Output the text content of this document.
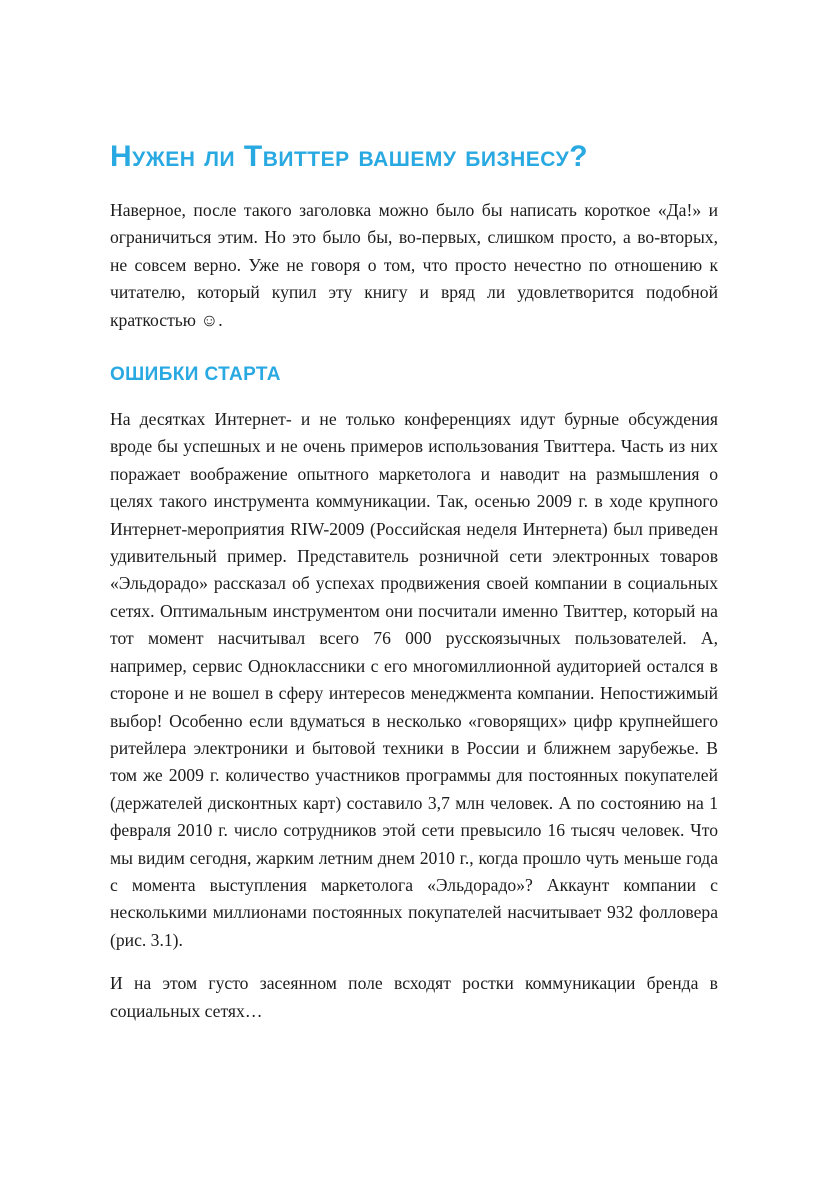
Нужен ли Твиттер вашему бизнесу?

Наверное, после такого заголовка можно было бы написать короткое «Да!» и ограничиться этим. Но это было бы, во-первых, слишком просто, а во-вторых, не совсем верно. Уже не говоря о том, что просто нечестно по отношению к читателю, который купил эту книгу и вряд ли удовлетворится подобной краткостью ☺.

ОШИБКИ СТАРТА

На десятках Интернет- и не только конференциях идут бурные обсуждения вроде бы успешных и не очень примеров использования Твиттера. Часть из них поражает воображение опытного маркетолога и наводит на размышления о целях такого инструмента коммуникации. Так, осенью 2009 г. в ходе крупного Интернет-мероприятия RIW-2009 (Российская неделя Интернета) был приведен удивительный пример. Представитель розничной сети электронных товаров «Эльдорадо» рассказал об успехах продвижения своей компании в социальных сетях. Оптимальным инструментом они посчитали именно Твиттер, который на тот момент насчитывал всего 76 000 русскоязычных пользователей. А, например, сервис Одноклассники с его многомиллионной аудиторией остался в стороне и не вошел в сферу интересов менеджмента компании. Непостижимый выбор! Особенно если вдуматься в несколько «говорящих» цифр крупнейшего ритейлера электроники и бытовой техники в России и ближнем зарубежье. В том же 2009 г. количество участников программы для постоянных покупателей (держателей дисконтных карт) составило 3,7 млн человек. А по состоянию на 1 февраля 2010 г. число сотрудников этой сети превысило 16 тысяч человек. Что мы видим сегодня, жарким летним днем 2010 г., когда прошло чуть меньше года с момента выступления маркетолога «Эльдорадо»? Аккаунт компании с несколькими миллионами постоянных покупателей насчитывает 932 фолловера (рис. 3.1).

И на этом густо засеянном поле всходят ростки коммуникации бренда в социальных сетях…
